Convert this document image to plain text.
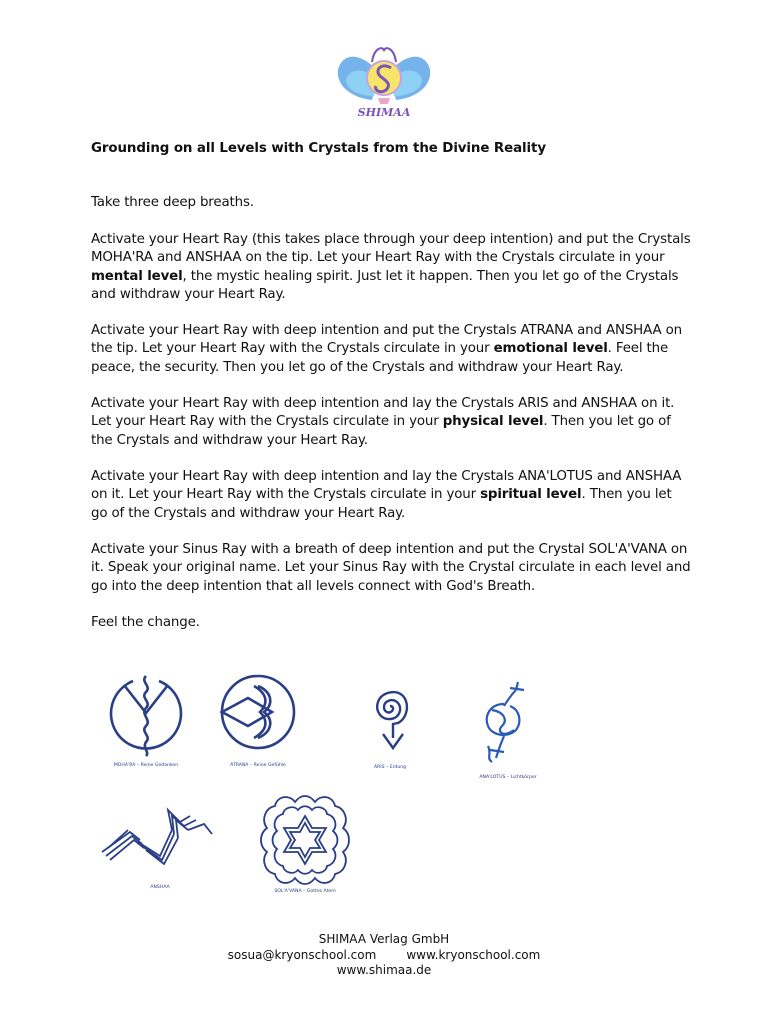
SHIMAA
Grounding on all Levels with Crystals from the Divine Reality
Take three deep breaths.
Activate your Heart Ray (this takes place through your deep intention) and put the Crystals MOHA'RA and ANSHAA on the tip. Let your Heart Ray with the Crystals circulate in your mental level, the mystic healing spirit. Just let it happen. Then you let go of the Crystals and withdraw your Heart Ray.
Activate your Heart Ray with deep intention and put the Crystals ATRANA and ANSHAA on the tip. Let your Heart Ray with the Crystals circulate in your emotional level. Feel the peace, the security. Then you let go of the Crystals and withdraw your Heart Ray.
Activate your Heart Ray with deep intention and lay the Crystals ARIS and ANSHAA on it. Let your Heart Ray with the Crystals circulate in your physical level. Then you let go of the Crystals and withdraw your Heart Ray.
Activate your Heart Ray with deep intention and lay the Crystals ANA'LOTUS and ANSHAA on it. Let your Heart Ray with the Crystals circulate in your spiritual level. Then you let go of the Crystals and withdraw your Heart Ray.
Activate your Sinus Ray with a breath of deep intention and put the Crystal SOL'A'VANA on it. Speak your original name. Let your Sinus Ray with the Crystal circulate in each level and go into the deep intention that all levels connect with God's Breath.
Feel the change.
MOHA'RA – Reine Gedanken	ATRANA – Reine Gefühle	ARIS – Erdung
ANA'LOTUS – Lichtkörper
ANSHAA
SOL'A'VANA – Gottes Atem
SHIMAA Verlag GmbH
sosua@kryonschool.com	www.kryonschool.com
www.shimaa.de
